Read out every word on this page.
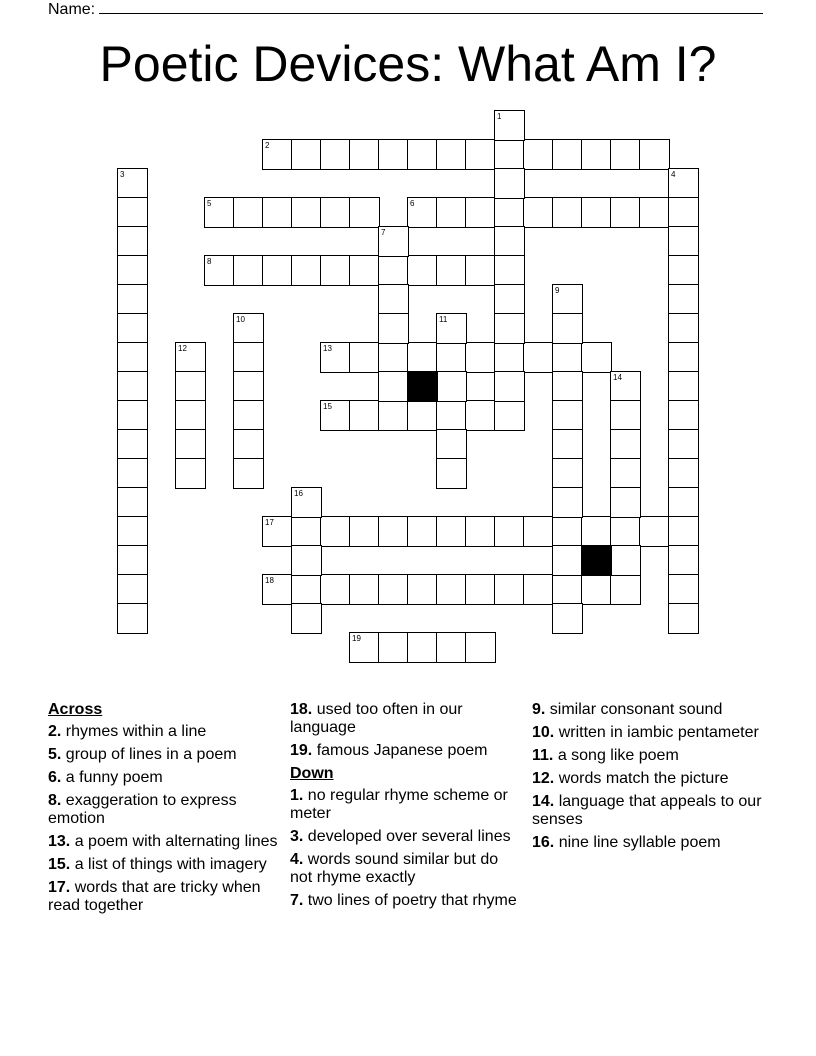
Name:
Poetic Devices: What Am I?
2
5	6
8
13
15
17
18
19
1
3	4
7
9
10	11
12
14
16
Across
2. rhymes within a line
5. group of lines in a poem
6. a funny poem
8. exaggeration to express emotion
13. a poem with alternating lines
15. a list of things with imagery
17. words that are tricky when read together
18. used too often in our language
19. famous Japanese poem
Down
1. no regular rhyme scheme or meter
3. developed over several lines
4. words sound similar but do not rhyme exactly
7. two lines of poetry that rhyme
9. similar consonant sound
10. written in iambic pentameter
11. a song like poem
12. words match the picture
14. language that appeals to our senses
16. nine line syllable poem
